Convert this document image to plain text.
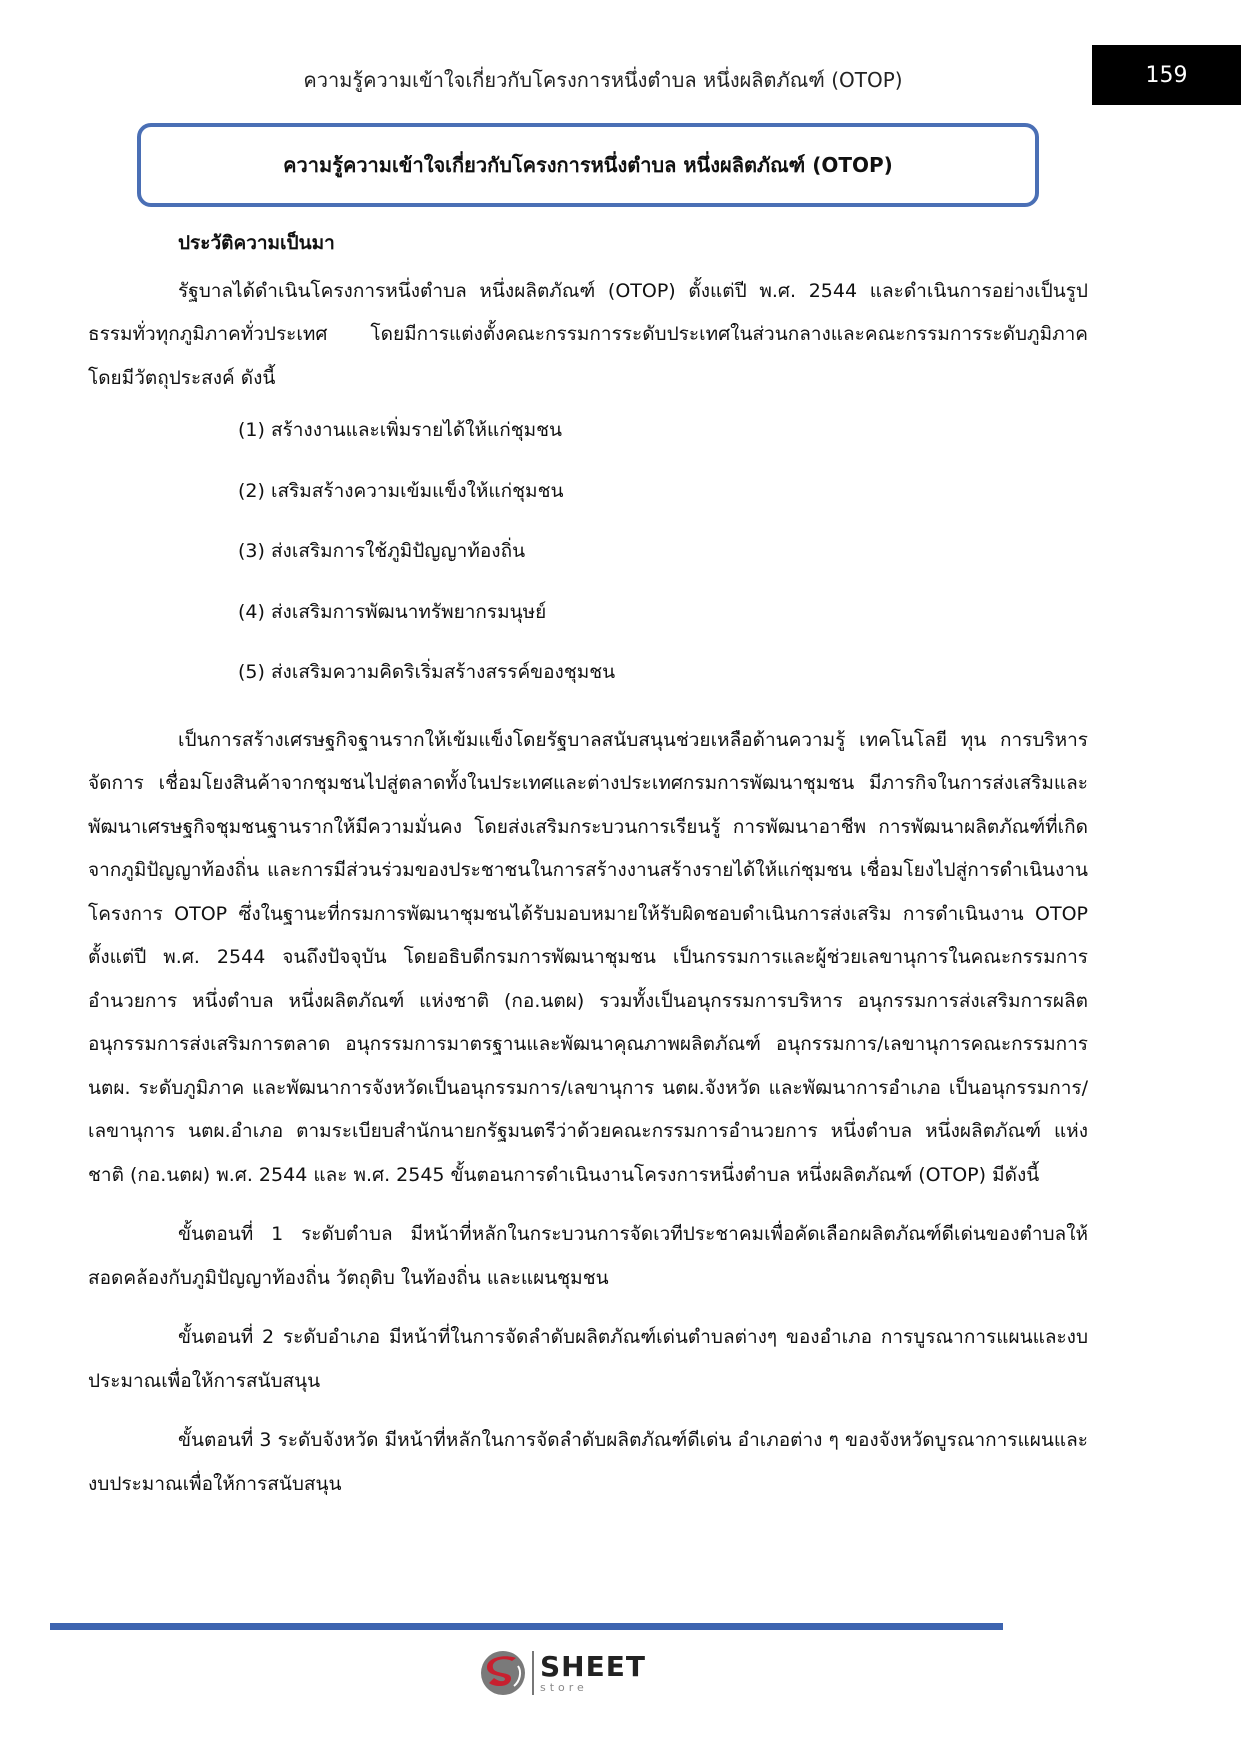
ความรู้ความเข้าใจเกี่ยวกับโครงการหนึ่งตำบล หนึ่งผลิตภัณฑ์ (OTOP)	159
ความรู้ความเข้าใจเกี่ยวกับโครงการหนึ่งตำบล หนึ่งผลิตภัณฑ์ (OTOP)

ประวัติความเป็นมา

รัฐบาลได้ดำเนินโครงการหนึ่งตำบล หนึ่งผลิตภัณฑ์ (OTOP) ตั้งแต่ปี พ.ศ. 2544 และดำเนินการอย่างเป็นรูปธรรมทั่วทุกภูมิภาคทั่วประเทศ โดยมีการแต่งตั้งคณะกรรมการระดับประเทศในส่วนกลางและคณะกรรมการระดับภูมิภาค โดยมีวัตถุประสงค์ ดังนี้

(1) สร้างงานและเพิ่มรายได้ให้แก่ชุมชน

(2) เสริมสร้างความเข้มแข็งให้แก่ชุมชน

(3) ส่งเสริมการใช้ภูมิปัญญาท้องถิ่น

(4) ส่งเสริมการพัฒนาทรัพยากรมนุษย์

(5) ส่งเสริมความคิดริเริ่มสร้างสรรค์ของชุมชน

เป็นการสร้างเศรษฐกิจฐานรากให้เข้มแข็งโดยรัฐบาลสนับสนุนช่วยเหลือด้านความรู้ เทคโนโลยี ทุน การบริหารจัดการ เชื่อมโยงสินค้าจากชุมชนไปสู่ตลาดทั้งในประเทศและต่างประเทศกรมการพัฒนาชุมชน มีภารกิจในการส่งเสริมและพัฒนาเศรษฐกิจชุมชนฐานรากให้มีความมั่นคง โดยส่งเสริมกระบวนการเรียนรู้ การพัฒนาอาชีพ การพัฒนาผลิตภัณฑ์ที่เกิดจากภูมิปัญญาท้องถิ่น และการมีส่วนร่วมของประชาชนในการสร้างงานสร้างรายได้ให้แก่ชุมชน เชื่อมโยงไปสู่การดำเนินงานโครงการ OTOP ซึ่งในฐานะที่กรมการพัฒนาชุมชนได้รับมอบหมายให้รับผิดชอบดำเนินการส่งเสริม การดำเนินงาน OTOP ตั้งแต่ปี พ.ศ. 2544 จนถึงปัจจุบัน โดยอธิบดีกรมการพัฒนาชุมชน เป็นกรรมการและผู้ช่วยเลขานุการในคณะกรรมการ อำนวยการ หนึ่งตำบล หนึ่งผลิตภัณฑ์ แห่งชาติ (กอ.นตผ) รวมทั้งเป็นอนุกรรมการบริหาร อนุกรรมการส่งเสริมการผลิต อนุกรรมการส่งเสริมการตลาด อนุกรรมการมาตรฐานและพัฒนาคุณภาพผลิตภัณฑ์ อนุกรรมการ/เลขานุการคณะกรรมการ นตผ. ระดับภูมิภาค และพัฒนาการจังหวัดเป็นอนุกรรมการ/เลขานุการ นตผ.จังหวัด และพัฒนาการอำเภอ เป็นอนุกรรมการ/เลขานุการ นตผ.อำเภอ ตามระเบียบสำนักนายกรัฐมนตรีว่าด้วยคณะกรรมการอำนวยการ หนึ่งตำบล หนึ่งผลิตภัณฑ์ แห่งชาติ (กอ.นตผ) พ.ศ. 2544 และ พ.ศ. 2545 ขั้นตอนการดำเนินงานโครงการหนึ่งตำบล หนึ่งผลิตภัณฑ์ (OTOP) มีดังนี้

ขั้นตอนที่ 1 ระดับตำบล มีหน้าที่หลักในกระบวนการจัดเวทีประชาคมเพื่อคัดเลือกผลิตภัณฑ์ดีเด่นของตำบลให้สอดคล้องกับภูมิปัญญาท้องถิ่น วัตถุดิบ ในท้องถิ่น และแผนชุมชน

ขั้นตอนที่ 2 ระดับอำเภอ มีหน้าที่ในการจัดลำดับผลิตภัณฑ์เด่นตำบลต่างๆ ของอำเภอ การบูรณาการแผนและงบประมาณเพื่อให้การสนับสนุน

ขั้นตอนที่ 3 ระดับจังหวัด มีหน้าที่หลักในการจัดลำดับผลิตภัณฑ์ดีเด่น อำเภอต่าง ๆ ของจังหวัดบูรณาการแผนและงบประมาณเพื่อให้การสนับสนุน

SHEET
store
